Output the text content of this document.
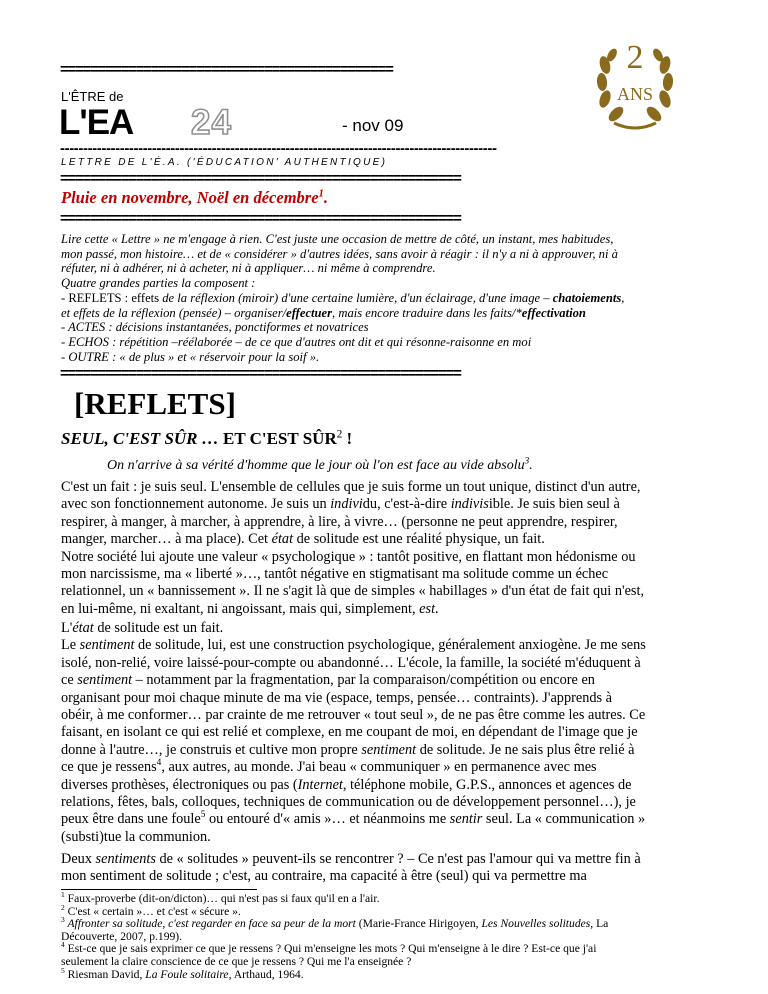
============================================
L'ÊTRE de
L'EA 24	- nov 09
2
ANS
-----------------------------------------------------------------------------------------------
LETTRE DE L'É.A. ('ÉDUCATION' AUTHENTIQUE)
=====================================================
Pluie en novembre, Noël en décembre$^1$.
=====================================================

Lire cette « Lettre » ne m'engage à rien. C'est juste une occasion de mettre de côté, un instant, mes habitudes,

mon passé, mon histoire… et de « considérer » d'autres idées, sans avoir à réagir : il n'y a ni à approuver, ni à

réfuter, ni à adhérer, ni à acheter, ni à appliquer… ni même à comprendre.

Quatre grandes parties la composent :

- REFLETS : effets de la réflexion (miroir) d'une certaine lumière, d'un éclairage, d'une image – chatoiements,

et effets de la réflexion (pensée) – organiser/effectuer, mais encore traduire dans les faits/*effectivation

- ACTES : décisions instantanées, ponctiformes et novatrices

- ECHOS : répétition –réélaborée – de ce que d'autres ont dit et qui résonne-raisonne en moi

- OUTRE : « de plus » et « réservoir pour la soif ».

=====================================================
[REFLETS]
SEUL, C'EST SÛR … ET C'EST SÛR$^2$ !
On n'arrive à sa vérité d'homme que le jour où l'on est face au vide absolu$^3$.

C'est un fait : je suis seul. L'ensemble de cellules que je suis forme un tout unique, distinct d'un autre,

avec son fonctionnement autonome. Je suis un individu, c'est-à-dire indivisible. Je suis bien seul à

respirer, à manger, à marcher, à apprendre, à lire, à vivre… (personne ne peut apprendre, respirer,

manger, marcher… à ma place). Cet état de solitude est une réalité physique, un fait.

Notre société lui ajoute une valeur « psychologique » : tantôt positive, en flattant mon hédonisme ou

mon narcissisme, ma « liberté »…, tantôt négative en stigmatisant ma solitude comme un échec

relationnel, un « bannissement ». Il ne s'agit là que de simples « habillages » d'un état de fait qui n'est,

en lui-même, ni exaltant, ni angoissant, mais qui, simplement, est.

L'état de solitude est un fait.

Le sentiment de solitude, lui, est une construction psychologique, généralement anxiogène. Je me sens

isolé, non-relié, voire laissé-pour-compte ou abandonné… L'école, la famille, la société m'éduquent à

ce sentiment – notamment par la fragmentation, par la comparaison/compétition ou encore en

organisant pour moi chaque minute de ma vie (espace, temps, pensée… contraints). J'apprends à

obéir, à me conformer… par crainte de me retrouver « tout seul », de ne pas être comme les autres. Ce

faisant, en isolant ce qui est relié et complexe, en me coupant de moi, en dépendant de l'image que je

donne à l'autre…, je construis et cultive mon propre sentiment de solitude. Je ne sais plus être relié à

ce que je ressens$^4$, aux autres, au monde. J'ai beau « communiquer » en permanence avec mes

diverses prothèses, électroniques ou pas (Internet, téléphone mobile, G.P.S., annonces et agences de

relations, fêtes, bals, colloques, techniques de communication ou de développement personnel…), je

peux être dans une foule$^5$ ou entouré d'« amis »… et néanmoins me sentir seul. La « communication »

(substi)tue la communion.

Deux sentiments de « solitudes » peuvent-ils se rencontrer ? – Ce n'est pas l'amour qui va mettre fin à

mon sentiment de solitude ; c'est, au contraire, ma capacité à être (seul) qui va permettre ma

$^1$ Faux-proverbe (dit-on/dicton)… qui n'est pas si faux qu'il en a l'air.

$^2$ C'est « certain »… et c'est « sécure ».

$^3$ Affronter sa solitude, c'est regarder en face sa peur de la mort (Marie-France Hirigoyen, Les Nouvelles solitudes, La

Découverte, 2007, p.199).

$^4$ Est-ce que je sais exprimer ce que je ressens ? Qui m'enseigne les mots ? Qui m'enseigne à le dire ? Est-ce que j'ai

seulement la claire conscience de ce que je ressens ? Qui me l'a enseignée ?

$^5$ Riesman David, La Foule solitaire, Arthaud, 1964.
